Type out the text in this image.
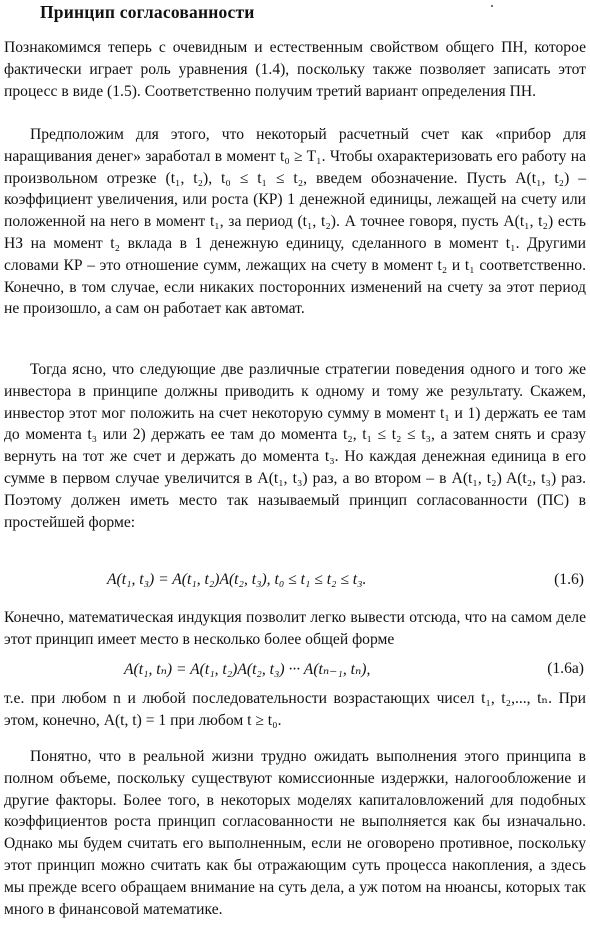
Принцип согласованности

Познакомимся теперь с очевидным и естественным свойством общего ПН, которое фактически играет роль уравнения (1.4), поскольку также позволяет записать этот процесс в виде (1.5). Соответственно получим третий вариант определения ПН.

Предположим для этого, что некоторый расчетный счет как «прибор для наращивания денег» заработал в момент t₀ ≥ T₁. Чтобы охарактеризовать его работу на произвольном отрезке (t₁, t₂), t₀ ≤ t₁ ≤ t₂, введем обозначение. Пусть A(t₁, t₂) – коэффициент увеличения, или роста (КР) 1 денежной единицы, лежащей на счету или положенной на него в момент t₁, за период (t₁, t₂). А точнее говоря, пусть A(t₁, t₂) есть НЗ на момент t₂ вклада в 1 денежную единицу, сделанного в момент t₁. Другими словами КР – это отношение сумм, лежащих на счету в момент t₂ и t₁ соответственно. Конечно, в том случае, если никаких посторонних изменений на счету за этот период не произошло, а сам он работает как автомат.

Тогда ясно, что следующие две различные стратегии поведения одного и того же инвестора в принципе должны приводить к одному и тому же результату. Скажем, инвестор этот мог положить на счет некоторую сумму в момент t₁ и 1) держать ее там до момента t₃ или 2) держать ее там до момента t₂, t₁ ≤ t₂ ≤ t₃, а затем снять и сразу вернуть на тот же счет и держать до момента t₃. Но каждая денежная единица в его сумме в первом случае увеличится в A(t₁, t₃) раз, а во втором – в A(t₁, t₂) A(t₂, t₃) раз. Поэтому должен иметь место так называемый принцип согласованности (ПС) в простейшей форме:

A(t₁, t₃) = A(t₁, t₂)A(t₂, t₃), t₀ ≤ t₁ ≤ t₂ ≤ t₃.	(1.6)

Конечно, математическая индукция позволит легко вывести отсюда, что на самом деле этот принцип имеет место в несколько более общей форме

A(t₁, tₙ) = A(t₁, t₂)A(t₂, t₃) ··· A(tₙ₋₁, tₙ),	(1.6a)

т.е. при любом n и любой последовательности возрастающих чисел t₁, t₂,..., tₙ. При этом, конечно, A(t, t) = 1 при любом t ≥ t₀.

Понятно, что в реальной жизни трудно ожидать выполнения этого принципа в полном объеме, поскольку существуют комиссионные издержки, налогообложение и другие факторы. Более того, в некоторых моделях капиталовложений для подобных коэффициентов роста принцип согласованности не выполняется как бы изначально. Однако мы будем считать его выполненным, если не оговорено противное, поскольку этот принцип можно считать как бы отражающим суть процесса накопления, а здесь мы прежде всего обращаем внимание на суть дела, а уж потом на нюансы, которых так много в финансовой математике.
